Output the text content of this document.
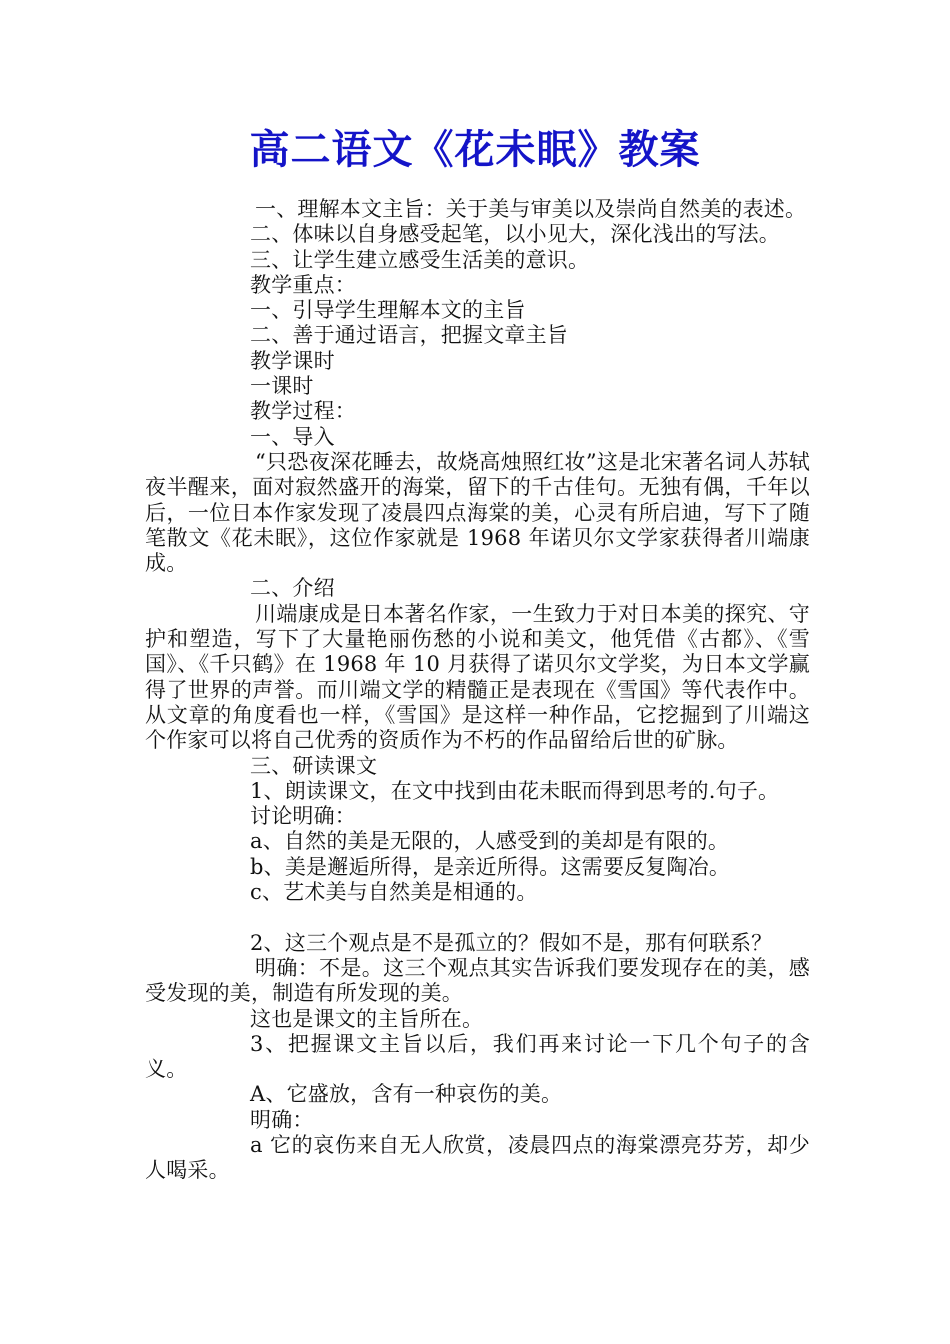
高二语文《花未眠》教案

一、理解本文主旨：关于美与审美以及崇尚自然美的表述。

二、体味以自身感受起笔，以小见大，深化浅出的写法。

三、让学生建立感受生活美的意识。

教学重点：

一、引导学生理解本文的主旨

二、善于通过语言，把握文章主旨

教学课时

一课时

教学过程：

一、导入

“只恐夜深花睡去，故烧高烛照红妆”这是北宋著名词人苏轼夜半醒来，面对寂然盛开的海棠，留下的千古佳句。无独有偶，千年以后，一位日本作家发现了凌晨四点海棠的美，心灵有所启迪，写下了随笔散文《花未眠》，这位作家就是 1968 年诺贝尔文学家获得者川端康成。

二、介绍

川端康成是日本著名作家，一生致力于对日本美的探究、守护和塑造，写下了大量艳丽伤愁的小说和美文，他凭借《古都》、《雪国》、《千只鹤》在 1968 年 10 月获得了诺贝尔文学奖，为日本文学赢得了世界的声誉。而川端文学的精髓正是表现在《雪国》等代表作中。从文章的角度看也一样，《雪国》是这样一种作品，它挖掘到了川端这个作家可以将自己优秀的资质作为不朽的作品留给后世的矿脉。

三、研读课文

1、朗读课文，在文中找到由花未眠而得到思考的.句子。

讨论明确：

a、自然的美是无限的，人感受到的美却是有限的。

b、美是邂逅所得，是亲近所得。这需要反复陶冶。

c、艺术美与自然美是相通的。

2、这三个观点是不是孤立的？假如不是，那有何联系？

明确：不是。这三个观点其实告诉我们要发现存在的美，感受发现的美，制造有所发现的美。

这也是课文的主旨所在。

3、把握课文主旨以后，我们再来讨论一下几个句子的含义。

A、它盛放，含有一种哀伤的美。

明确：

a 它的哀伤来自无人欣赏，凌晨四点的海棠漂亮芬芳，却少人喝采。
